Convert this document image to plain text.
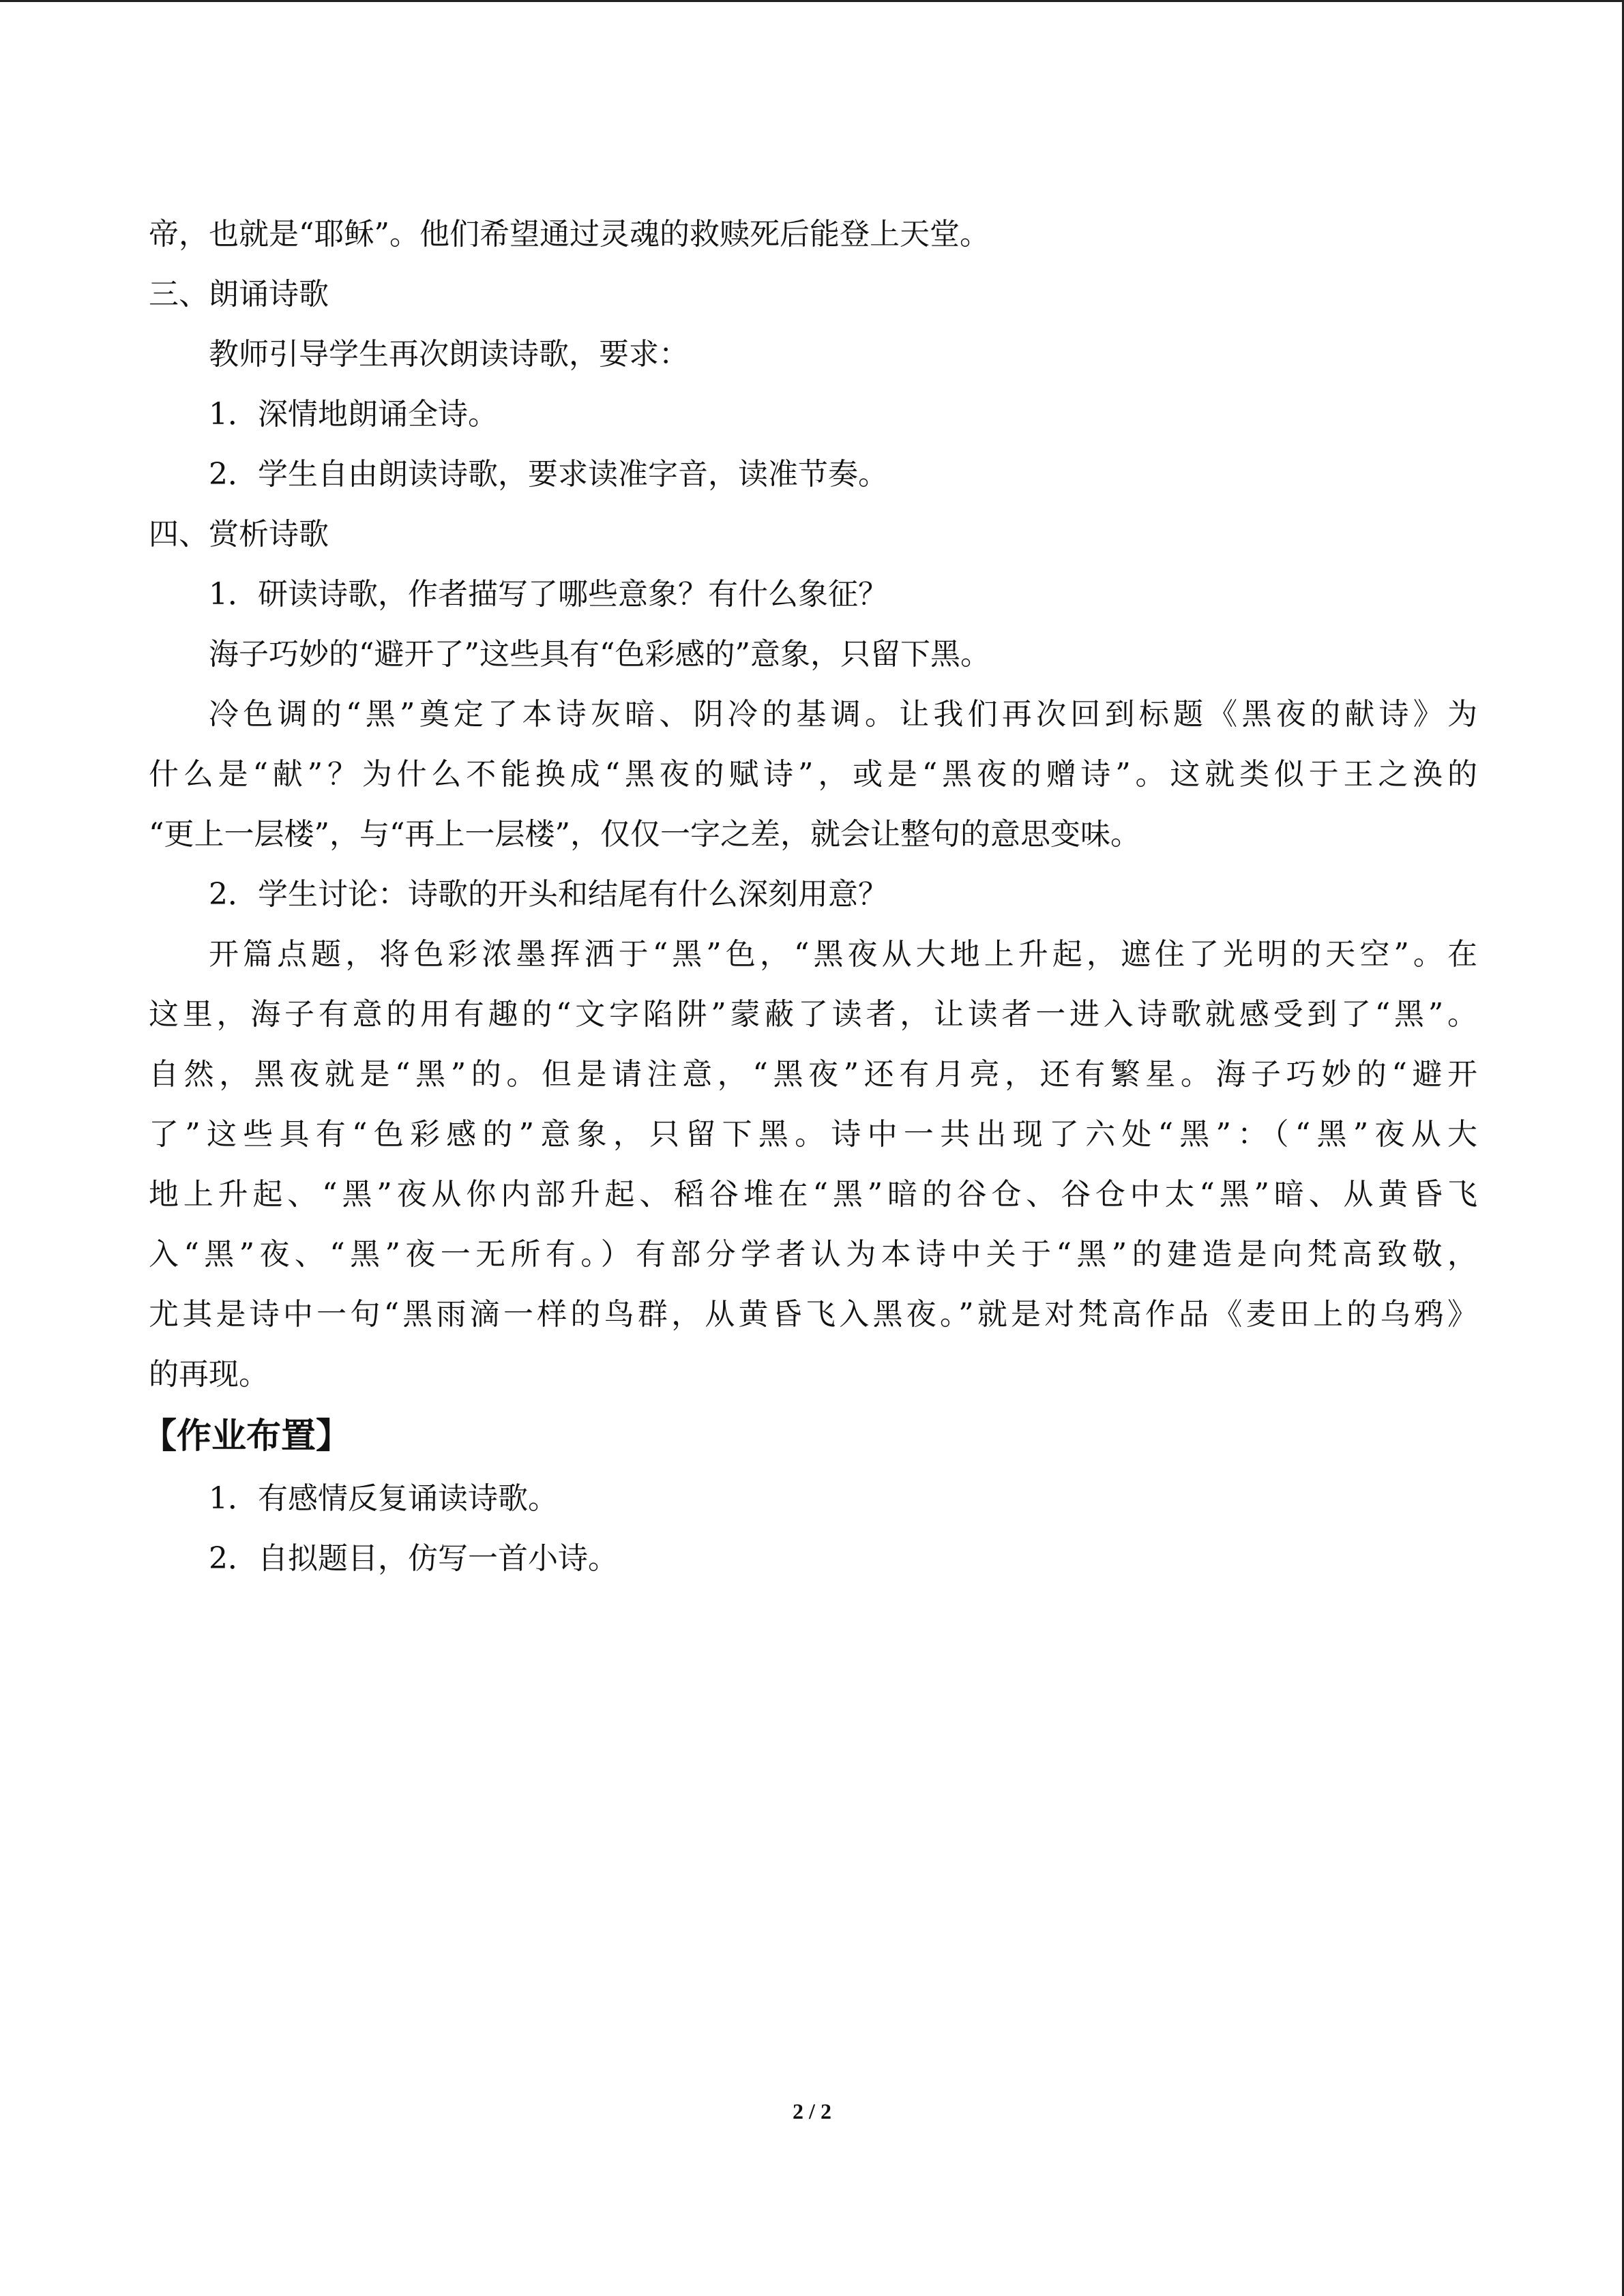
帝，也就是“耶稣”。他们希望通过灵魂的救赎死后能登上天堂。
三、朗诵诗歌
教师引导学生再次朗读诗歌，要求：
1．深情地朗诵全诗。
2．学生自由朗读诗歌，要求读准字音，读准节奏。
四、赏析诗歌
1．研读诗歌，作者描写了哪些意象？有什么象征？
海子巧妙的“避开了”这些具有“色彩感的”意象，只留下黑。
冷色调的“黑”奠定了本诗灰暗、阴冷的基调。让我们再次回到标题《黑夜的献诗》为
什么是“献”？为什么不能换成“黑夜的赋诗”，或是“黑夜的赠诗”。这就类似于王之涣的
“更上一层楼”，与“再上一层楼”，仅仅一字之差，就会让整句的意思变味。
2．学生讨论：诗歌的开头和结尾有什么深刻用意？
开篇点题，将色彩浓墨挥洒于“黑”色，“黑夜从大地上升起，遮住了光明的天空”。在
这里，海子有意的用有趣的“文字陷阱”蒙蔽了读者，让读者一进入诗歌就感受到了“黑”。
自然，黑夜就是“黑”的。但是请注意，“黑夜”还有月亮，还有繁星。海子巧妙的“避开
了”这些具有“色彩感的”意象，只留下黑。诗中一共出现了六处“黑”：（“黑”夜从大
地上升起、“黑”夜从你内部升起、稻谷堆在“黑”暗的谷仓、谷仓中太“黑”暗、从黄昏飞
入“黑”夜、“黑”夜一无所有。）有部分学者认为本诗中关于“黑”的建造是向梵高致敬，
尤其是诗中一句“黑雨滴一样的鸟群，从黄昏飞入黑夜。”就是对梵高作品《麦田上的乌鸦》
的再现。
【作业布置】
1．有感情反复诵读诗歌。
2．自拟题目，仿写一首小诗。
2 / 2
